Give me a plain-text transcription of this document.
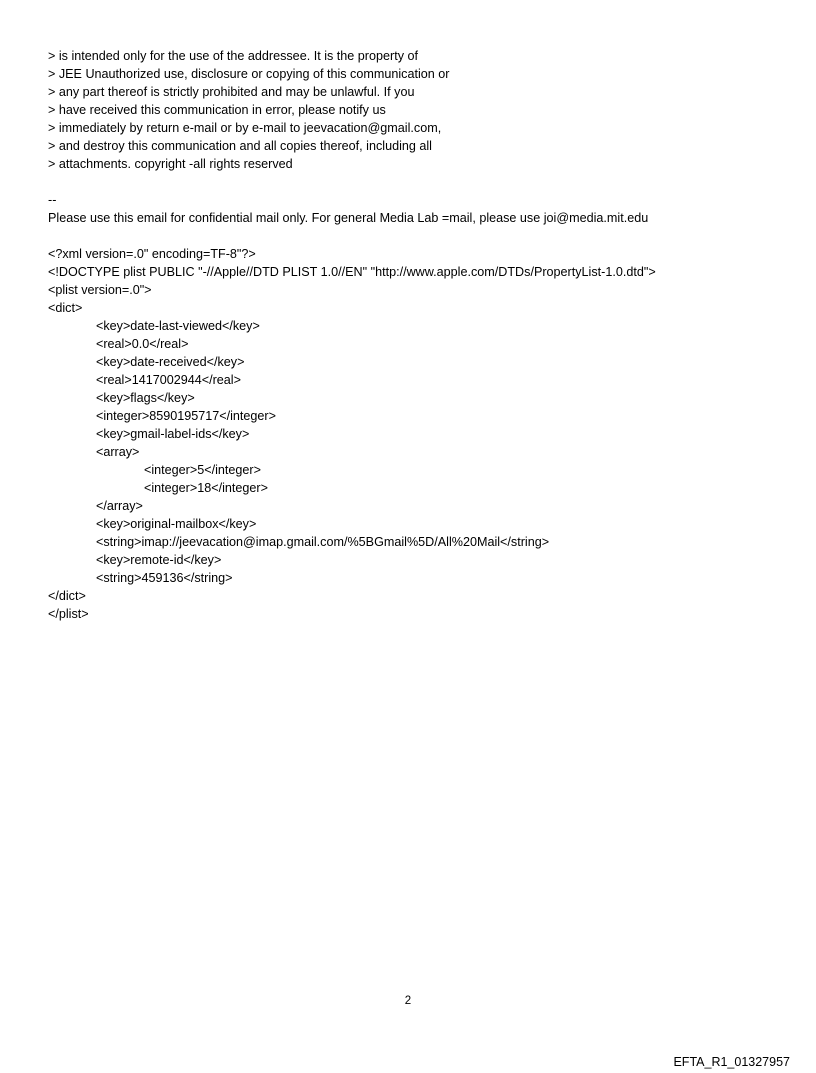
> is intended only for the use of the addressee. It is the property of
> JEE Unauthorized use, disclosure or copying of this communication or
> any part thereof is strictly prohibited and may be unlawful. If you
> have received this communication in error, please notify us
> immediately by return e-mail or by e-mail to jeevacation@gmail.com,
> and destroy this communication and all copies thereof, including all
> attachments. copyright -all rights reserved
--
Please use this email for confidential mail only. For general Media Lab =mail, please use joi@media.mit.edu
<?xml version=.0" encoding=TF-8"?>
<!DOCTYPE plist PUBLIC "-//Apple//DTD PLIST 1.0//EN" "http://www.apple.com/DTDs/PropertyList-1.0.dtd">
<plist version=.0">
<dict>
<key>date-last-viewed</key>
<real>0.0</real>
<key>date-received</key>
<real>1417002944</real>
<key>flags</key>
<integer>8590195717</integer>
<key>gmail-label-ids</key>
<array>
<integer>5</integer>
<integer>18</integer>
</array>
<key>original-mailbox</key>
<string>imap://jeevacation@imap.gmail.com/%5BGmail%5D/All%20Mail</string>
<key>remote-id</key>
<string>459136</string>
</dict>
</plist>
2
EFTA_R1_01327957
